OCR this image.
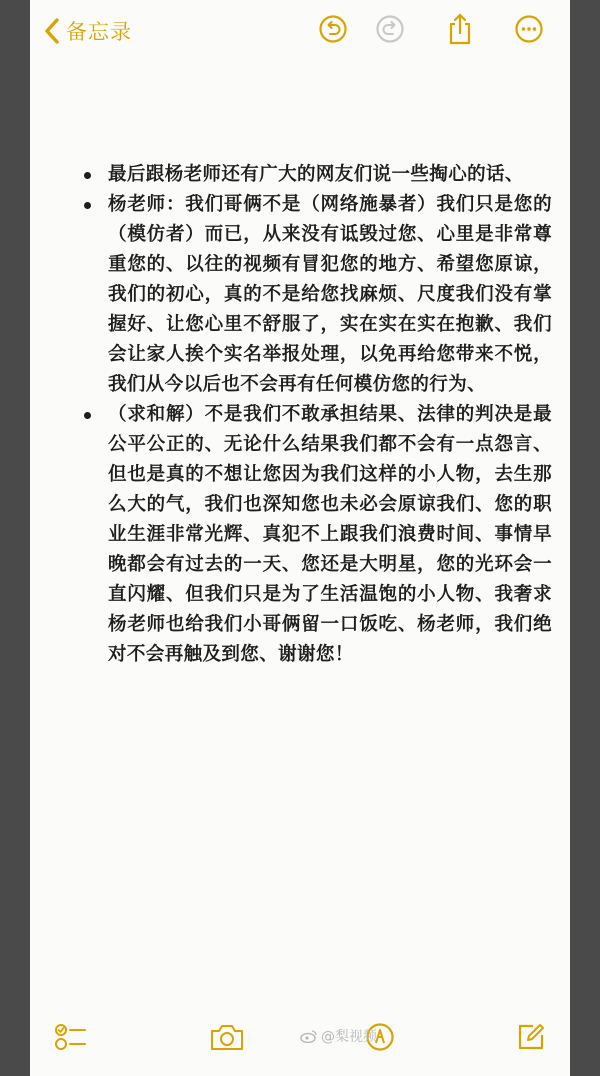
备忘录
最后跟杨老师还有广大的网友们说一些掏心的话、
杨老师：我们哥俩不是（网络施暴者）我们只是您的（模仿者）而已，从来没有诋毁过您、心里是非常尊重您的、以往的视频有冒犯您的地方、希望您原谅，我们的初心，真的不是给您找麻烦、尺度我们没有掌握好、让您心里不舒服了，实在实在实在抱歉、我们会让家人挨个实名举报处理，以免再给您带来不悦，我们从今以后也不会再有任何模仿您的行为、
（求和解）不是我们不敢承担结果、法律的判决是最公平公正的、无论什么结果我们都不会有一点怨言、但也是真的不想让您因为我们这样的小人物，去生那么大的气，我们也深知您也未必会原谅我们、您的职业生涯非常光辉、真犯不上跟我们浪费时间、事情早晚都会有过去的一天、您还是大明星，您的光环会一直闪耀、但我们只是为了生活温饱的小人物、我奢求杨老师也给我们小哥俩留一口饭吃、杨老师，我们绝对不会再触及到您、谢谢您！
@梨视频
